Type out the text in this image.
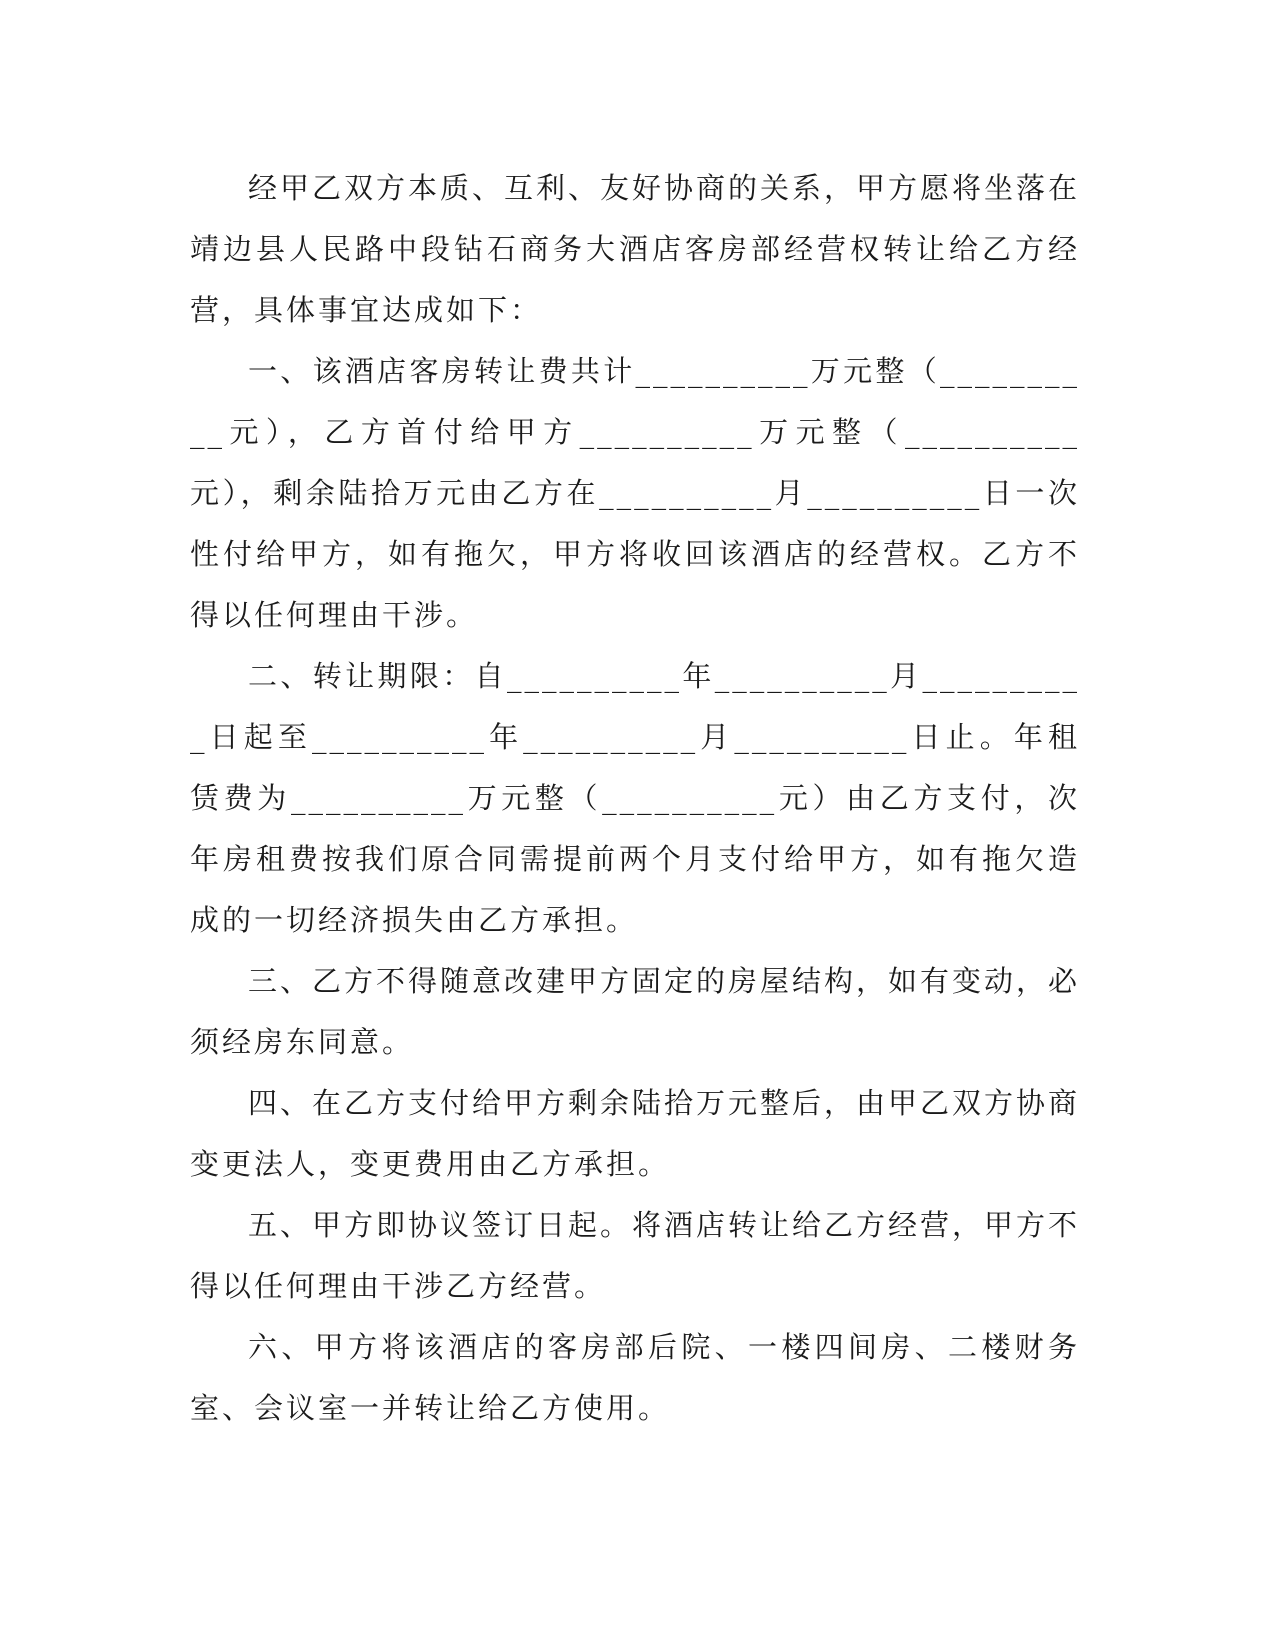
经甲乙双方本质、互利、友好协商的关系，甲方愿将坐落在靖边县人民路中段钻石商务大酒店客房部经营权转让给乙方经营，具体事宜达成如下：

一、该酒店客房转让费共计__________万元整（__________元），乙方首付给甲方__________万元整（__________元），剩余陆拾万元由乙方在__________月__________日一次性付给甲方，如有拖欠，甲方将收回该酒店的经营权。乙方不得以任何理由干涉。

二、转让期限：自__________年__________月__________日起至__________年__________月__________日止。年租赁费为__________万元整（__________元）由乙方支付，次年房租费按我们原合同需提前两个月支付给甲方，如有拖欠造成的一切经济损失由乙方承担。

三、乙方不得随意改建甲方固定的房屋结构，如有变动，必须经房东同意。

四、在乙方支付给甲方剩余陆拾万元整后，由甲乙双方协商变更法人，变更费用由乙方承担。

五、甲方即协议签订日起。将酒店转让给乙方经营，甲方不得以任何理由干涉乙方经营。

六、甲方将该酒店的客房部后院、一楼四间房、二楼财务室、会议室一并转让给乙方使用。
